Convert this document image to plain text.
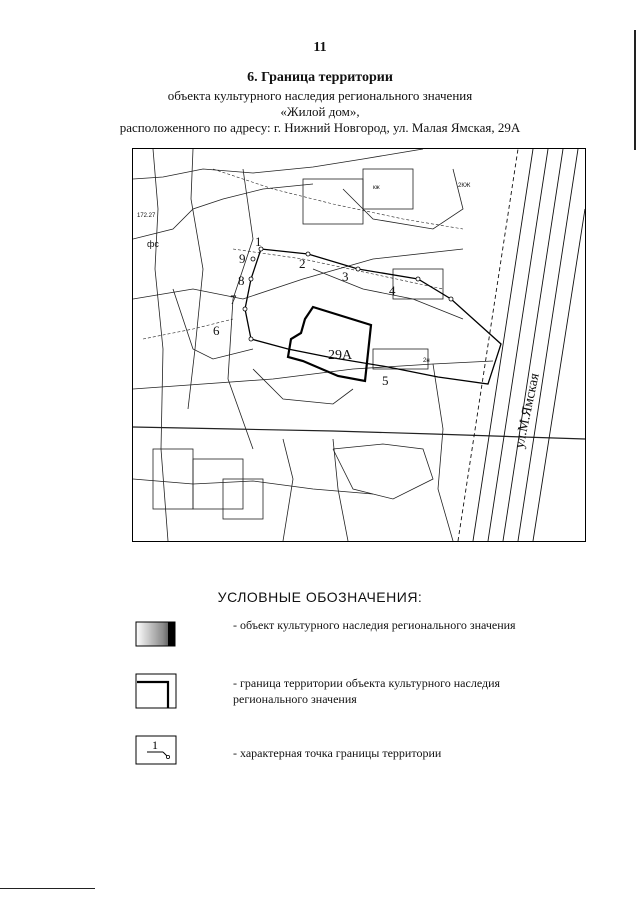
11
6. Граница территории
объекта культурного наследия регионального значения
«Жилой дом»,
расположенного по адресу: г. Нижний Новгород, ул. Малая Ямская, 29А
1
2
3
4
5
6
7
8
9
29А
ул.М.Ямская
172.27
фс
кж	2КЖ
2н
УСЛОВНЫЕ ОБОЗНАЧЕНИЯ:
- объект культурного наследия регионального значения
- граница территории объекта культурного наследия регионального значения
1
- характерная точка границы территории
